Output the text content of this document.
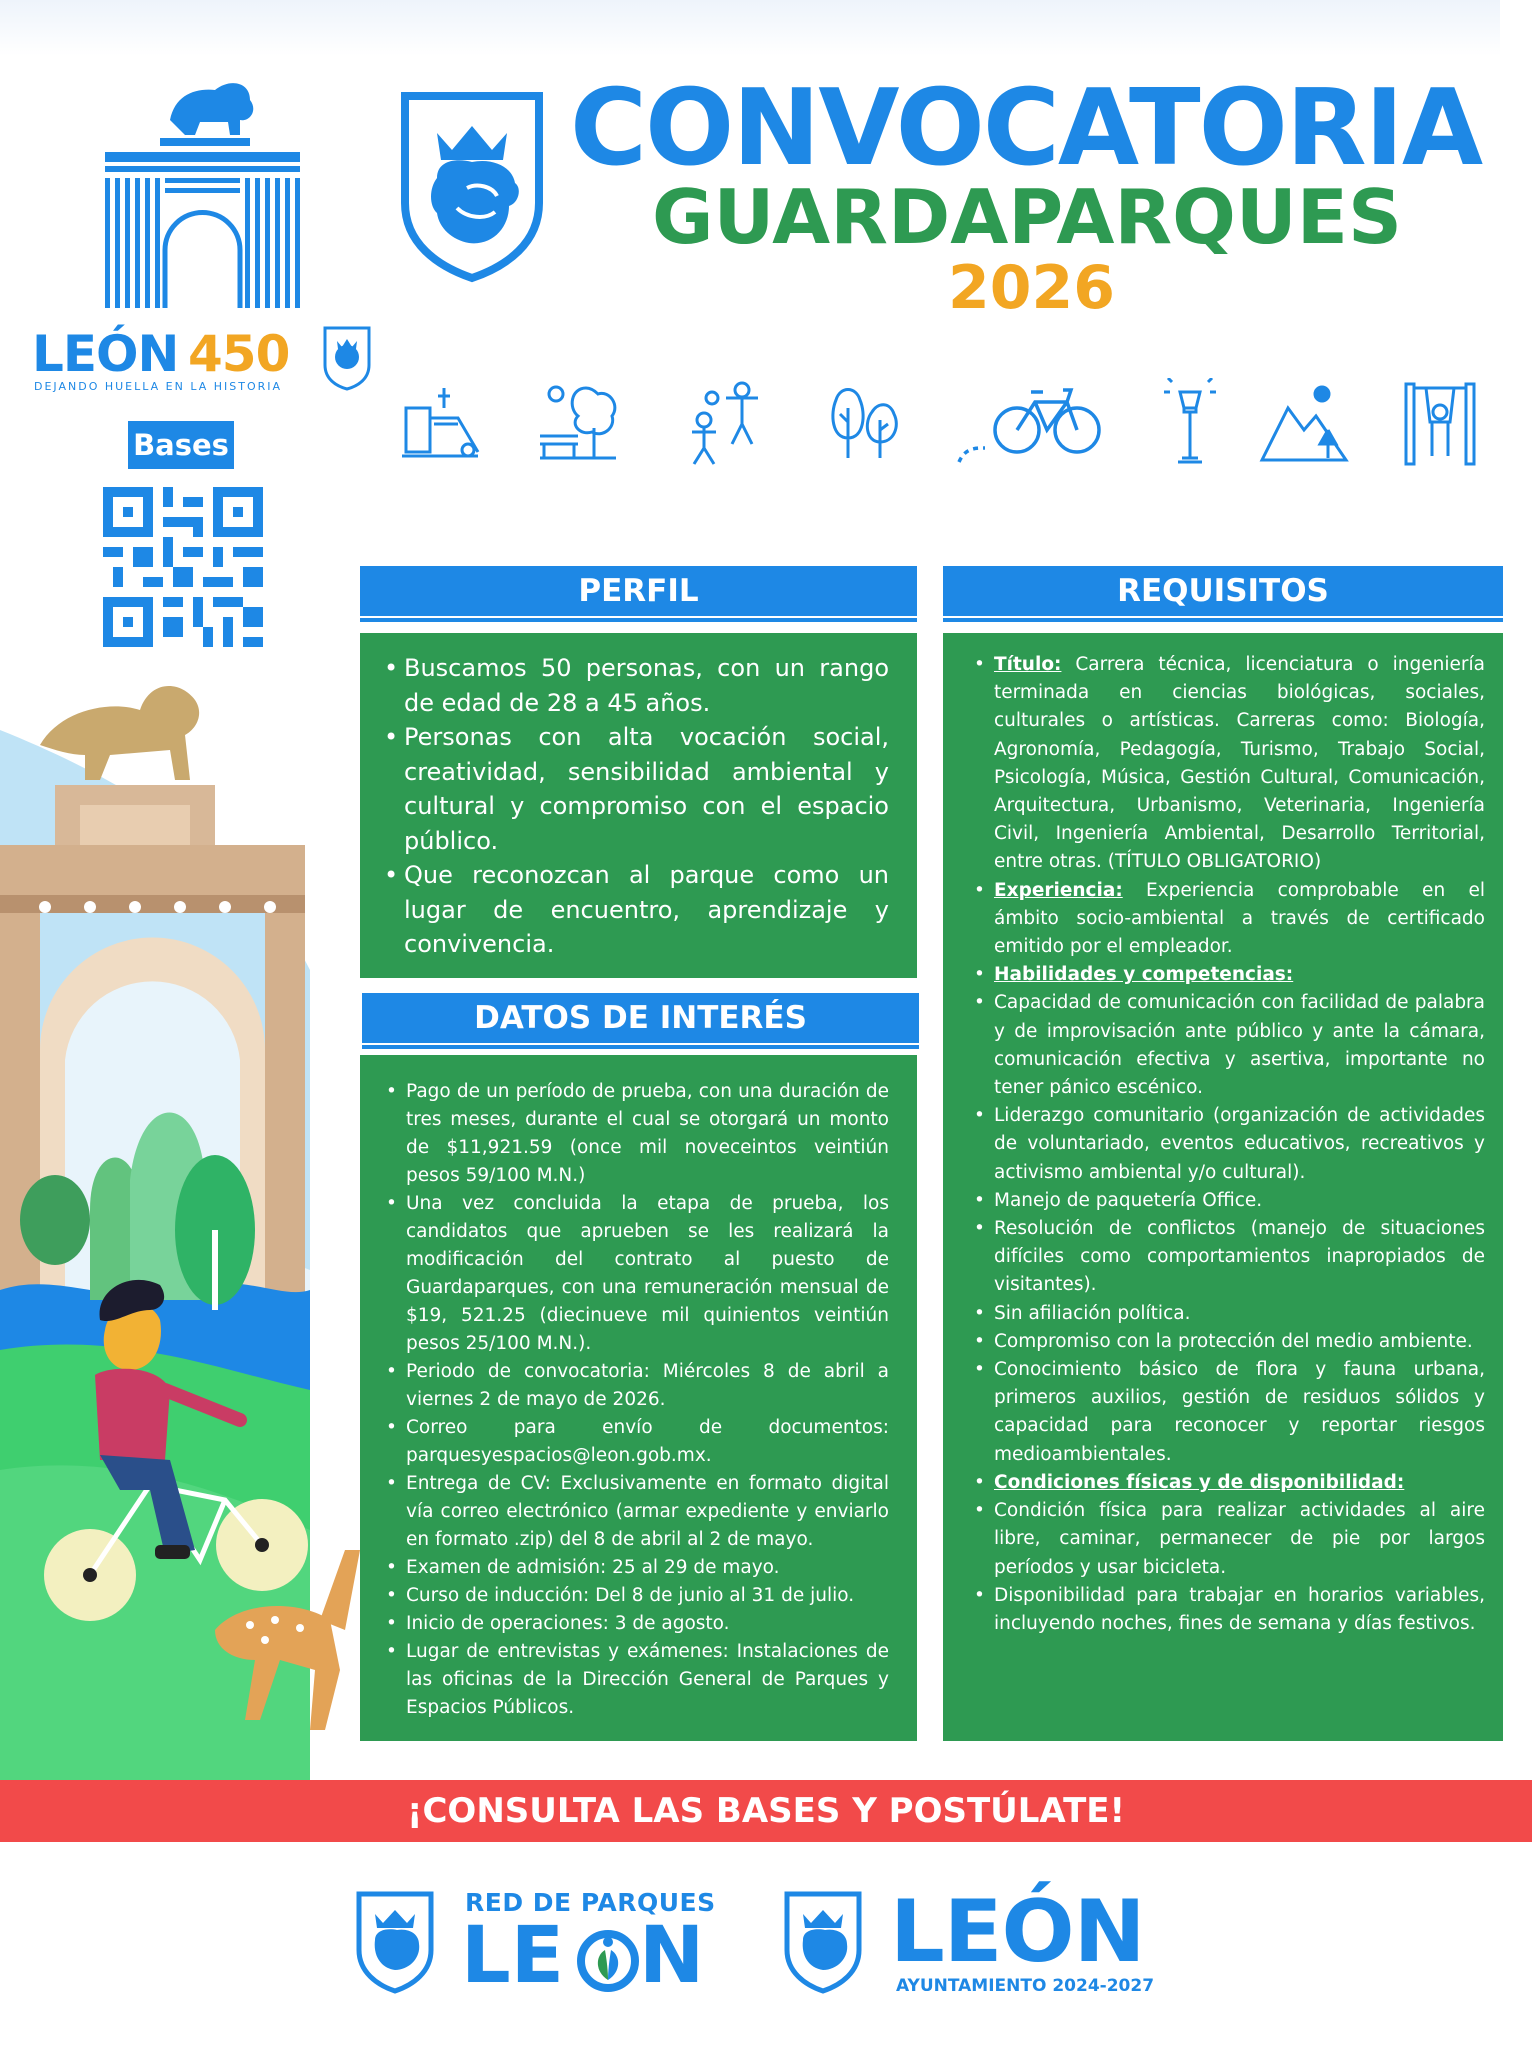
LEÓN 450
DEJANDO HUELLA EN LA HISTORIA
Bases
CONVOCATORIA
GUARDAPARQUES
2026
PERFIL
• Buscamos 50 personas, con un rango de edad de 28 a 45 años.
• Personas con alta vocación social, creatividad, sensibilidad ambiental y cultural y compromiso con el espacio público.
• Que reconozcan al parque como un lugar de encuentro, aprendizaje y convivencia.
DATOS DE INTERÉS
• Pago de un período de prueba, con una duración de tres meses, durante el cual se otorgará un monto de $11,921.59 (once mil noveceintos veintiún pesos 59/100 M.N.)
• Una vez concluida la etapa de prueba, los candidatos que aprueben se les realizará la modificación del contrato al puesto de Guardaparques, con una remuneración mensual de $19, 521.25 (diecinueve mil quinientos veintiún pesos 25/100 M.N.).
• Periodo de convocatoria: Miércoles 8 de abril a viernes 2 de mayo de 2026.
• Correo para envío de documentos: parquesyespacios@leon.gob.mx.
• Entrega de CV: Exclusivamente en formato digital vía correo electrónico (armar expediente y enviarlo en formato .zip) del 8 de abril al 2 de mayo.
• Examen de admisión: 25 al 29 de mayo.
• Curso de inducción: Del 8 de junio al 31 de julio.
• Inicio de operaciones: 3 de agosto.
• Lugar de entrevistas y exámenes: Instalaciones de las oficinas de la Dirección General de Parques y Espacios Públicos.
REQUISITOS
• Título: Carrera técnica, licenciatura o ingeniería terminada en ciencias biológicas, sociales, culturales o artísticas. Carreras como: Biología, Agronomía, Pedagogía, Turismo, Trabajo Social, Psicología, Música, Gestión Cultural, Comunicación, Arquitectura, Urbanismo, Veterinaria, Ingeniería Civil, Ingeniería Ambiental, Desarrollo Territorial, entre otras. (TÍTULO OBLIGATORIO)
• Experiencia: Experiencia comprobable en el ámbito socio-ambiental a través de certificado emitido por el empleador.
• Habilidades y competencias:
• Capacidad de comunicación con facilidad de palabra y de improvisación ante público y ante la cámara, comunicación efectiva y asertiva, importante no tener pánico escénico.
• Liderazgo comunitario (organización de actividades de voluntariado, eventos educativos, recreativos y activismo ambiental y/o cultural).
• Manejo de paquetería Office.
• Resolución de conflictos (manejo de situaciones difíciles como comportamientos inapropiados de visitantes).
• Sin afiliación política.
• Compromiso con la protección del medio ambiente.
• Conocimiento básico de flora y fauna urbana, primeros auxilios, gestión de residuos sólidos y capacidad para reconocer y reportar riesgos medioambientales.
• Condiciones físicas y de disponibilidad:
• Condición física para realizar actividades al aire libre, caminar, permanecer de pie por largos períodos y usar bicicleta.
• Disponibilidad para trabajar en horarios variables, incluyendo noches, fines de semana y días festivos.
¡CONSULTA LAS BASES Y POSTÚLATE!
RED DE PARQUES
LE N LEÓN
AYUNTAMIENTO 2024-2027
